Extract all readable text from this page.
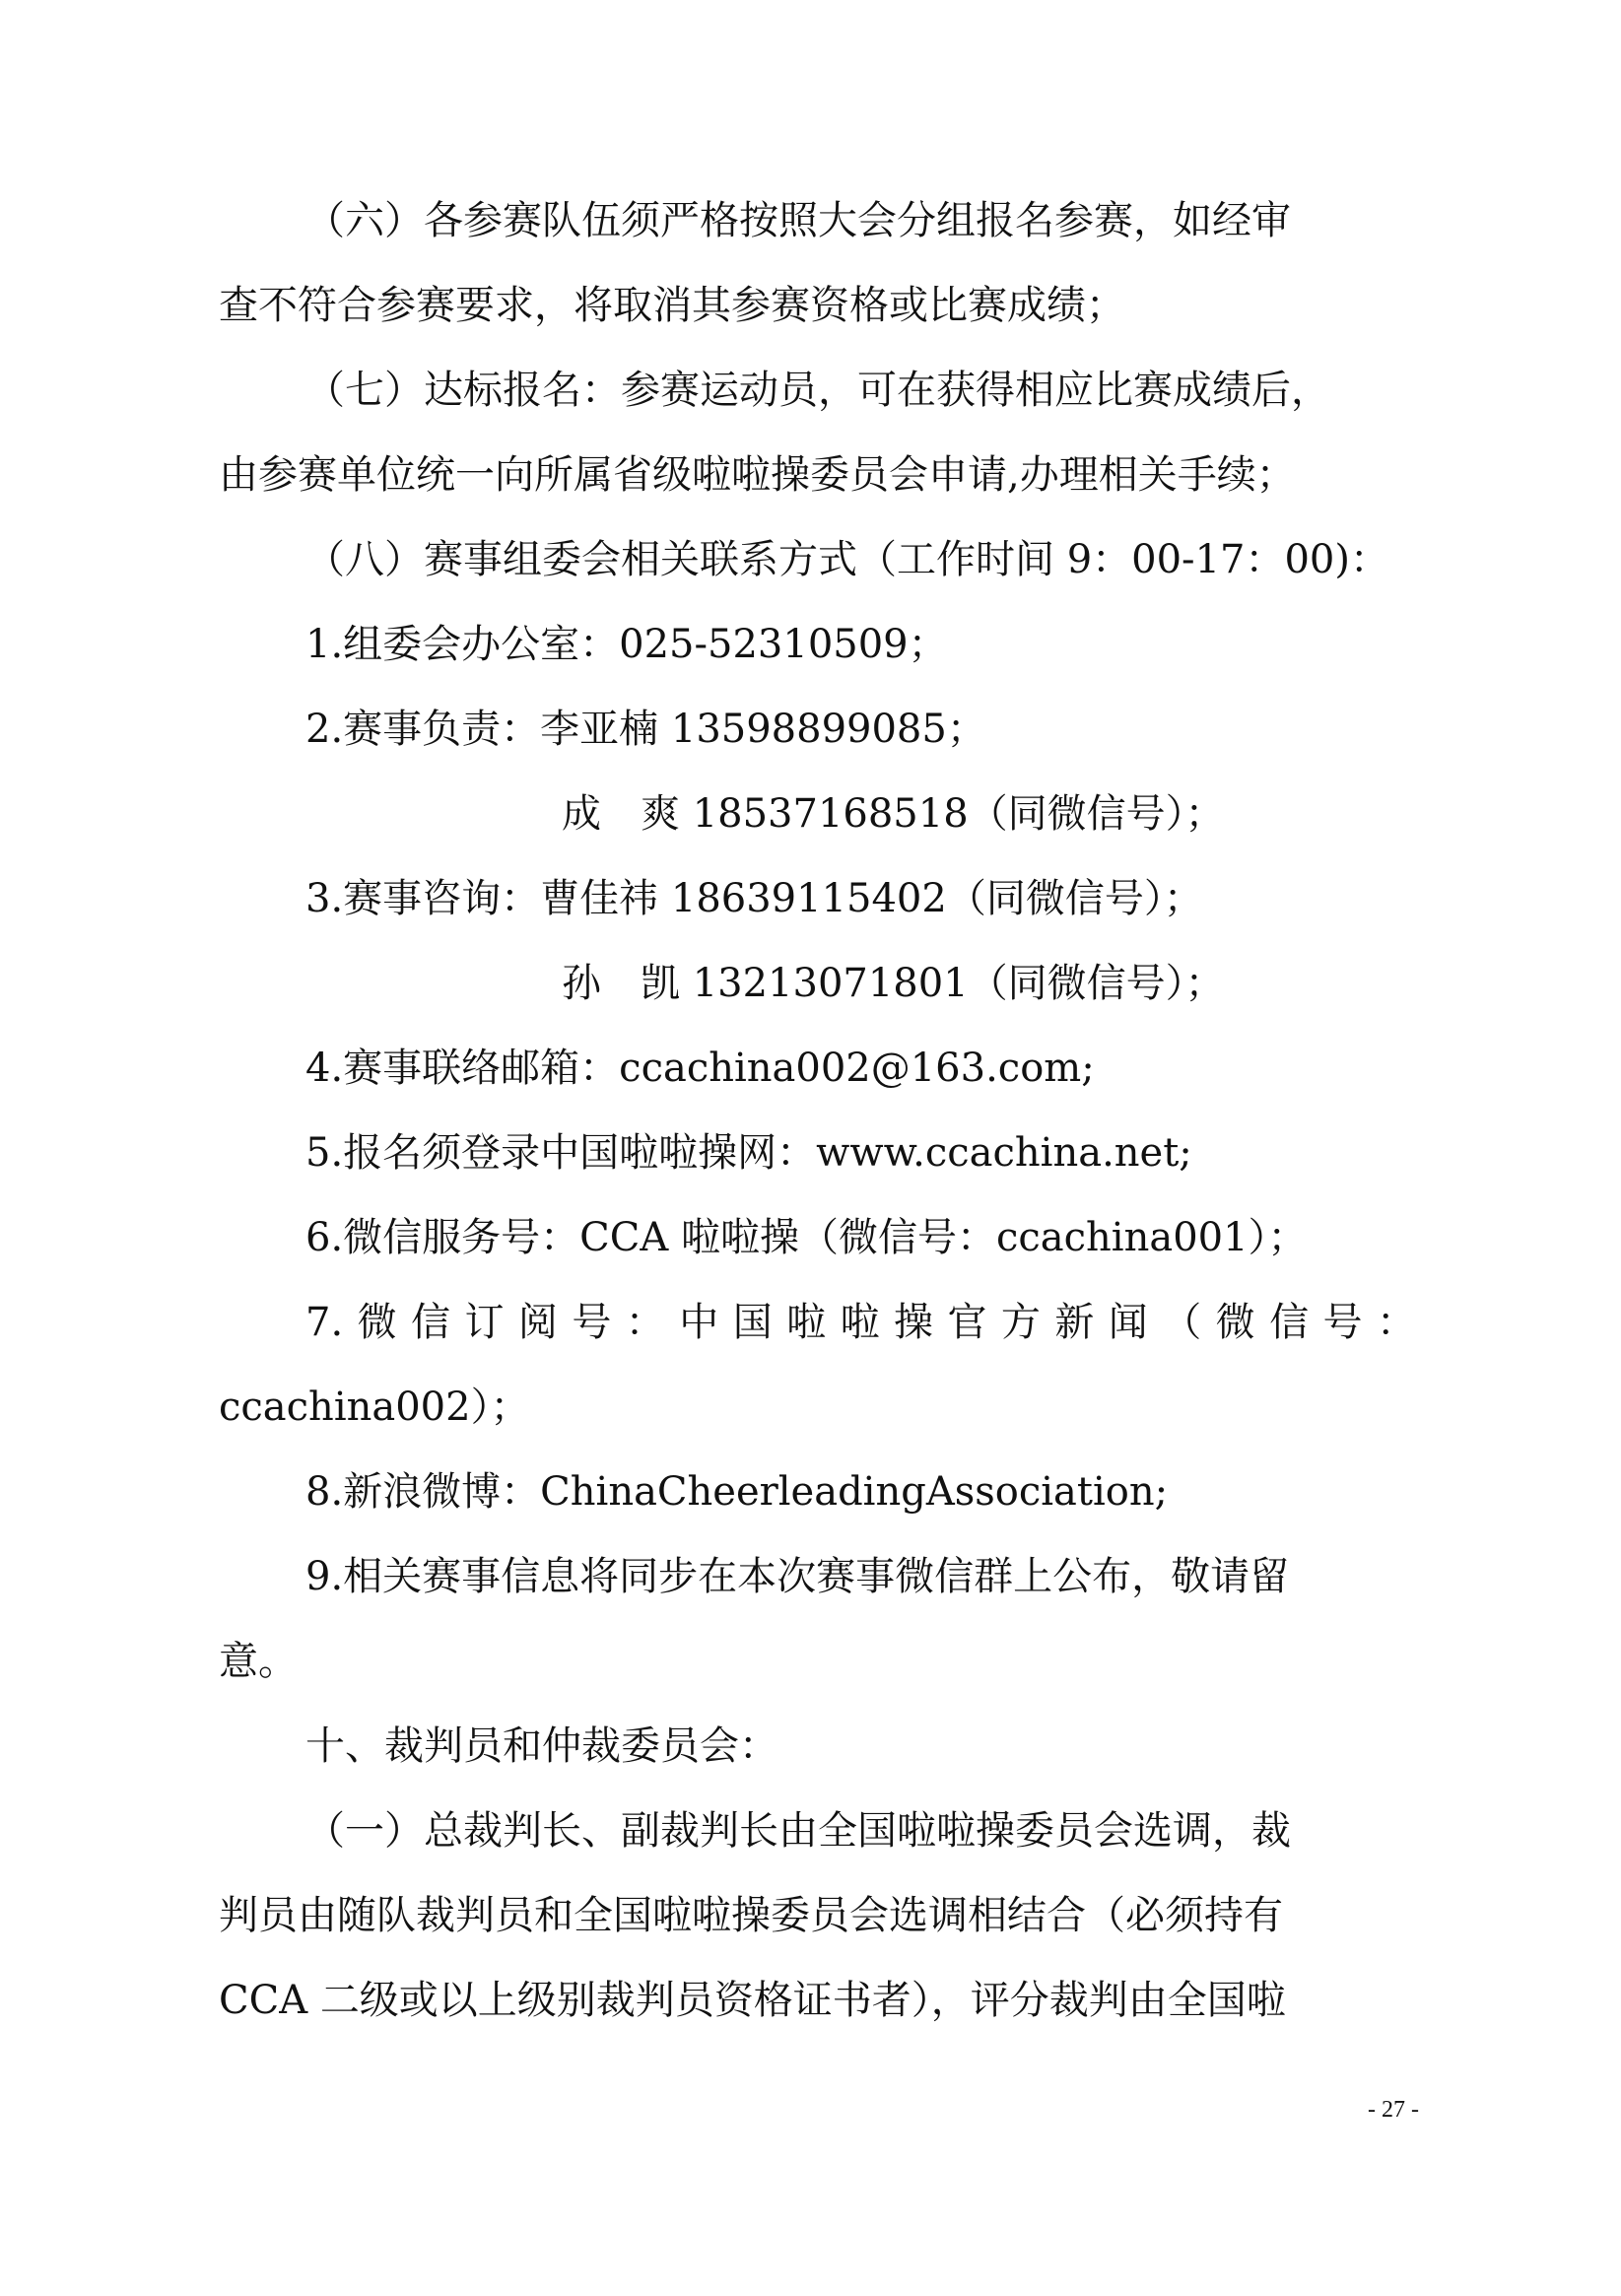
（六）各参赛队伍须严格按照大会分组报名参赛，如经审
查不符合参赛要求，将取消其参赛资格或比赛成绩；
（七）达标报名：参赛运动员，可在获得相应比赛成绩后，
由参赛单位统一向所属省级啦啦操委员会申请,办理相关手续；
（八）赛事组委会相关联系方式（工作时间 9：00-17：00)：
1.组委会办公室：025-52310509；
2.赛事负责：李亚楠 13598899085；
成　爽 18537168518（同微信号）；
3.赛事咨询：曹佳祎 18639115402（同微信号）；
孙　凯 13213071801（同微信号）；
4.赛事联络邮箱：ccachina002@163.com;
5.报名须登录中国啦啦操网：www.ccachina.net;
6.微信服务号：CCA 啦啦操（微信号：ccachina001）；
7.微信订阅号：中国啦啦操官方新闻（微信号：
ccachina002）；
8.新浪微博：ChinaCheerleadingAssociation;
9.相关赛事信息将同步在本次赛事微信群上公布，敬请留
意。
十、裁判员和仲裁委员会：
（一）总裁判长、副裁判长由全国啦啦操委员会选调，裁
判员由随队裁判员和全国啦啦操委员会选调相结合（必须持有
CCA 二级或以上级别裁判员资格证书者），评分裁判由全国啦
- 27 -
